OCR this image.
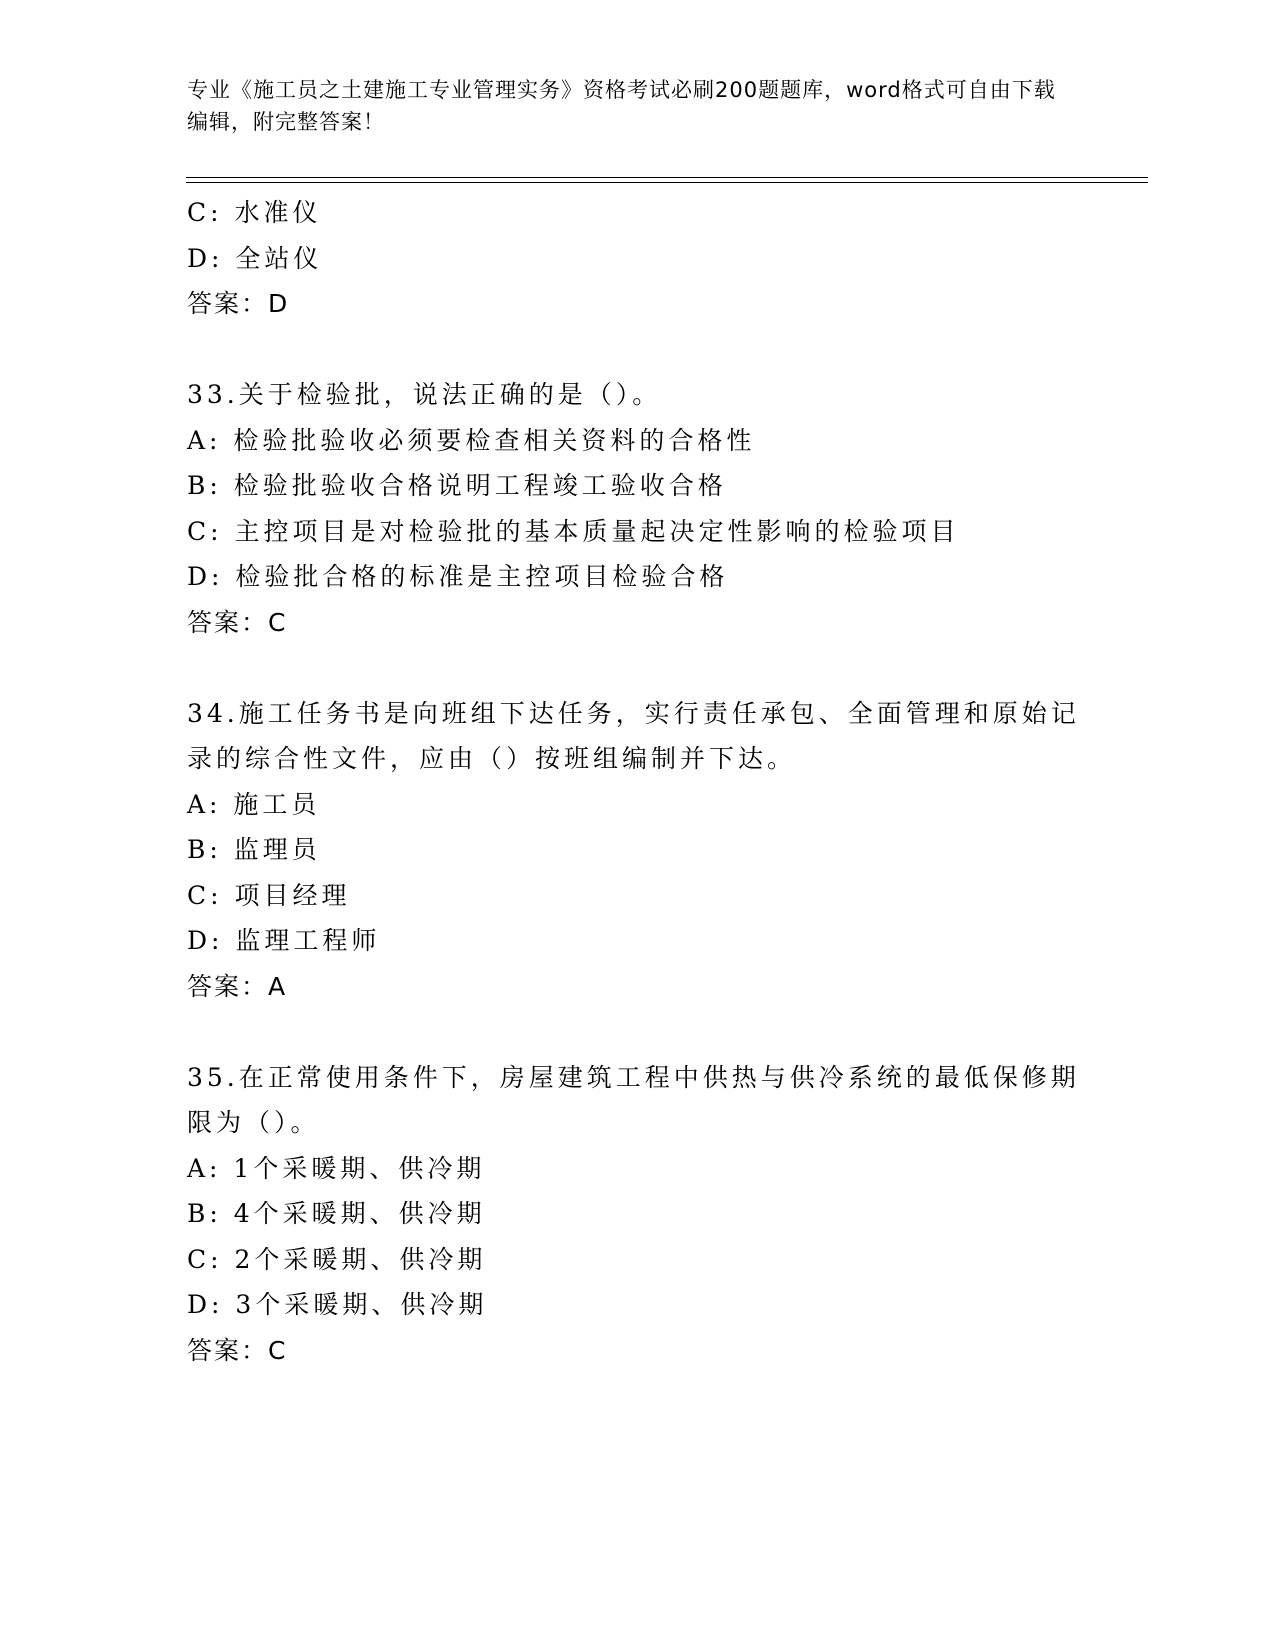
专业《施工员之土建施工专业管理实务》资格考试必刷200题题库，word格式可自由下载编辑，附完整答案！
C: 水准仪
D: 全站仪
答案：D
33.关于检验批，说法正确的是（）。
A: 检验批验收必须要检查相关资料的合格性
B: 检验批验收合格说明工程竣工验收合格
C: 主控项目是对检验批的基本质量起决定性影响的检验项目
D: 检验批合格的标准是主控项目检验合格
答案：C
34.施工任务书是向班组下达任务，实行责任承包、全面管理和原始记
录的综合性文件，应由（）按班组编制并下达。
A: 施工员
B: 监理员
C: 项目经理
D: 监理工程师
答案：A
35.在正常使用条件下，房屋建筑工程中供热与供冷系统的最低保修期
限为（）。
A: 1个采暖期、供冷期
B: 4个采暖期、供冷期
C: 2个采暖期、供冷期
D: 3个采暖期、供冷期
答案：C
